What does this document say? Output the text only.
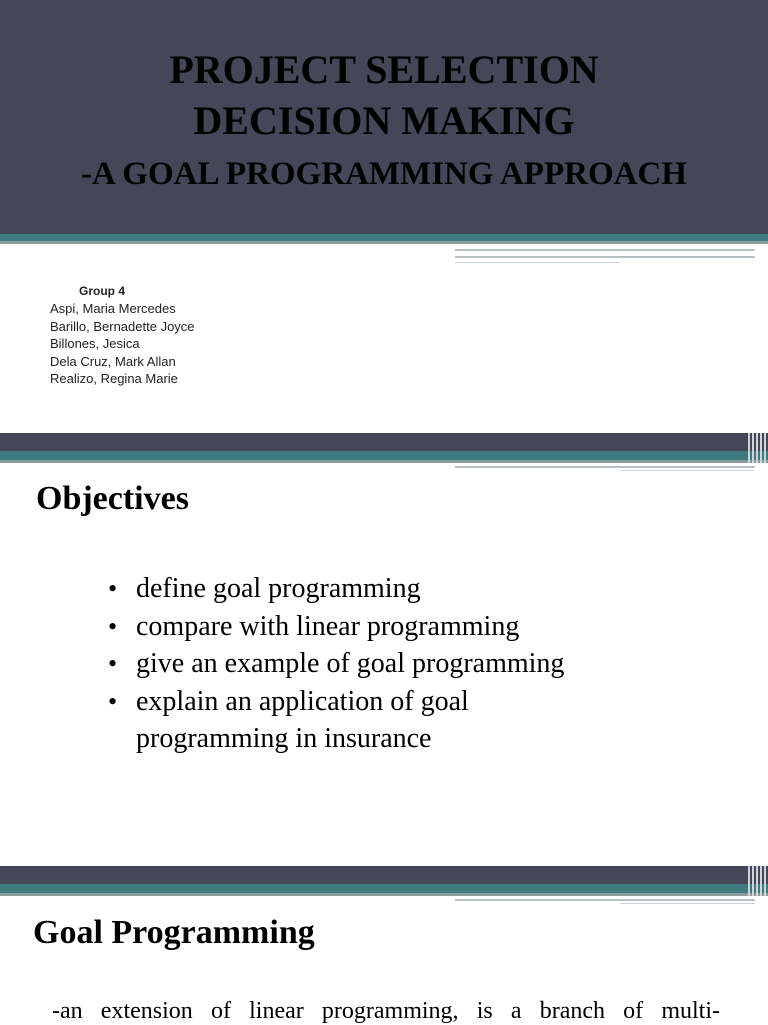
PROJECT SELECTION
DECISION MAKING
-A GOAL PROGRAMMING APPROACH
Group 4
Aspi, Maria Mercedes
Barillo, Bernadette Joyce
Billones, Jesica
Dela Cruz, Mark Allan
Realizo, Regina Marie
Objectives
• define goal programming
• compare with linear programming
• give an example of goal programming
• explain an application of goal programming in insurance
Goal Programming
-an extension of linear programming, is a branch of multi-
